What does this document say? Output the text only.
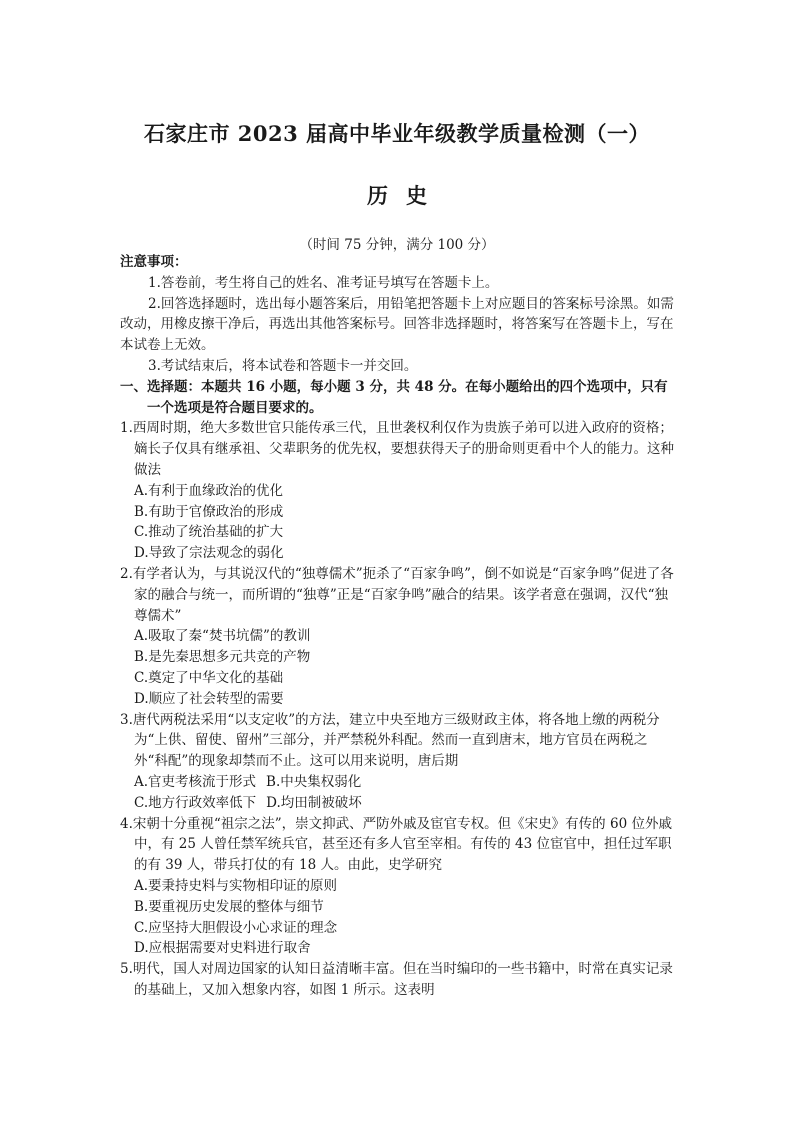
石家庄市 2023 届高中毕业年级教学质量检测（一）
历史
（时间 75 分钟，满分 100 分）
注意事项：
1.答卷前，考生将自己的姓名、准考证号填写在答题卡上。
2.回答选择题时，选出每小题答案后，用铅笔把答题卡上对应题目的答案标号涂黑。如需改动，用橡皮擦干净后，再选出其他答案标号。回答非选择题时，将答案写在答题卡上，写在本试卷上无效。
3.考试结束后，将本试卷和答题卡一并交回。
一、选择题：本题共 16 小题，每小题 3 分，共 48 分。在每小题给出的四个选项中，只有
一个选项是符合题目要求的。
1.西周时期，绝大多数世官只能传承三代，且世袭权利仅作为贵族子弟可以进入政府的资格；嫡长子仅具有继承祖、父辈职务的优先权，要想获得天子的册命则更看中个人的能力。这种做法
A.有利于血缘政治的优化
B.有助于官僚政治的形成
C.推动了统治基础的扩大
D.导致了宗法观念的弱化
2.有学者认为，与其说汉代的“独尊儒术”扼杀了“百家争鸣”，倒不如说是“百家争鸣”促进了各家的融合与统一，而所谓的“独尊”正是“百家争鸣”融合的结果。该学者意在强调，汉代“独尊儒术”
A.吸取了秦“焚书坑儒”的教训
B.是先秦思想多元共竞的产物
C.奠定了中华文化的基础
D.顺应了社会转型的需要
3.唐代两税法采用“以支定收”的方法，建立中央至地方三级财政主体，将各地上缴的两税分为“上供、留使、留州”三部分，并严禁税外科配。然而一直到唐末，地方官员在两税之外“科配”的现象却禁而不止。这可以用来说明，唐后期
A.官吏考核流于形式 B.中央集权弱化
C.地方行政效率低下 D.均田制被破坏
4.宋朝十分重视“祖宗之法”，崇文抑武、严防外戚及宦官专权。但《宋史》有传的 60 位外戚中，有 25 人曾任禁军统兵官，甚至还有多人官至宰相。有传的 43 位宦官中，担任过军职的有 39 人，带兵打仗的有 18 人。由此，史学研究
A.要秉持史料与实物相印证的原则
B.要重视历史发展的整体与细节
C.应坚持大胆假设小心求证的理念
D.应根据需要对史料进行取舍
5.明代，国人对周边国家的认知日益清晰丰富。但在当时编印的一些书籍中，时常在真实记录的基础上，又加入想象内容，如图 1 所示。这表明
